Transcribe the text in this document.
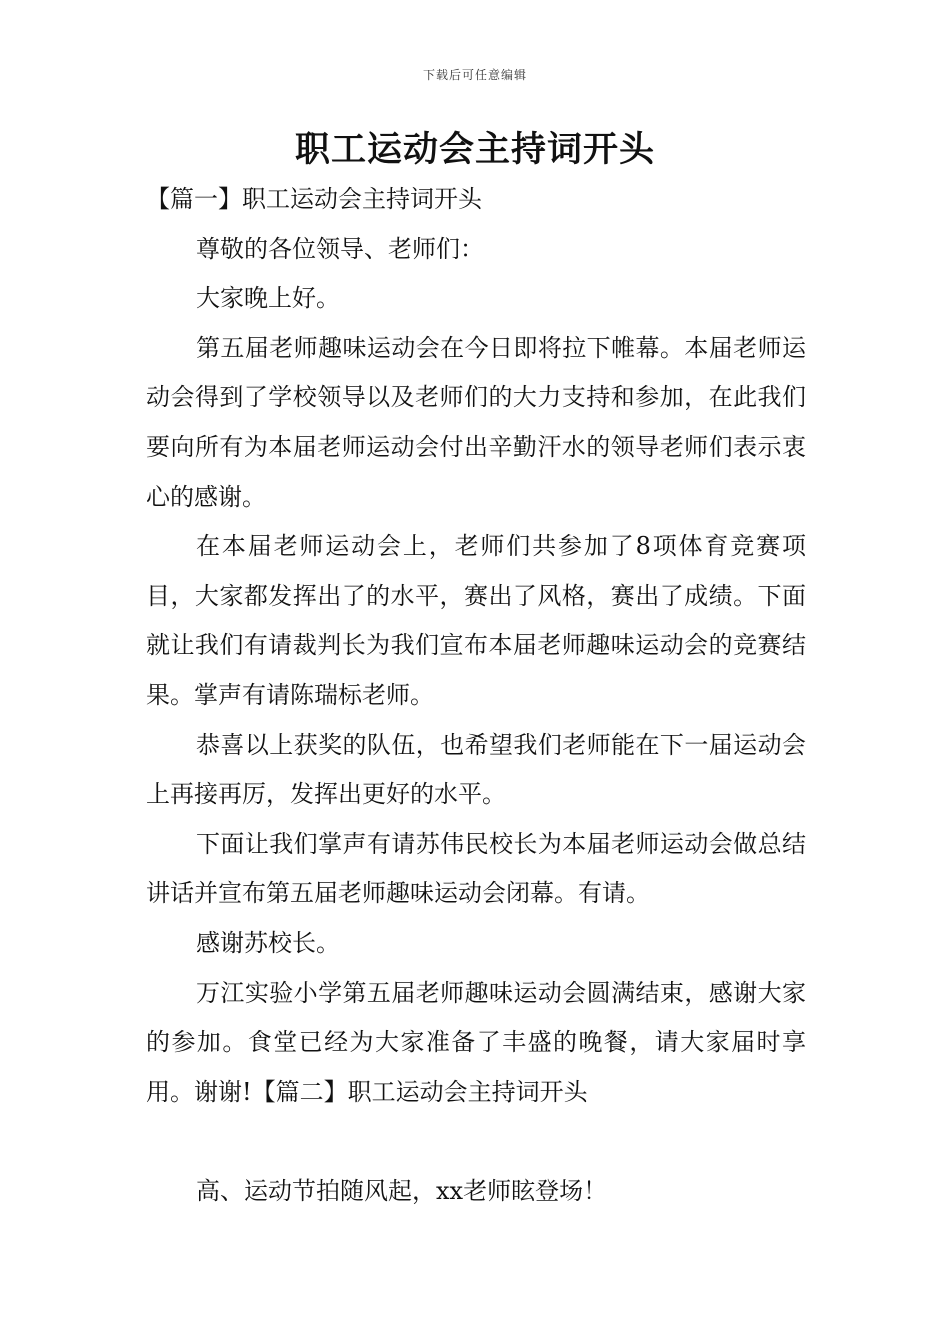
下载后可任意编辑
职工运动会主持词开头

【篇一】职工运动会主持词开头

尊敬的各位领导、老师们：

大家晚上好。

第五届老师趣味运动会在今日即将拉下帷幕。本届老师运动会得到了学校领导以及老师们的大力支持和参加，在此我们要向所有为本届老师运动会付出辛勤汗水的领导老师们表示衷心的感谢。

在本届老师运动会上，老师们共参加了8项体育竞赛项目，大家都发挥出了的水平，赛出了风格，赛出了成绩。下面就让我们有请裁判长为我们宣布本届老师趣味运动会的竞赛结果。掌声有请陈瑞标老师。

恭喜以上获奖的队伍，也希望我们老师能在下一届运动会上再接再厉，发挥出更好的水平。

下面让我们掌声有请苏伟民校长为本届老师运动会做总结讲话并宣布第五届老师趣味运动会闭幕。有请。

感谢苏校长。

万江实验小学第五届老师趣味运动会圆满结束，感谢大家的参加。食堂已经为大家准备了丰盛的晚餐，请大家届时享用。谢谢!【篇二】职工运动会主持词开头

高、运动节拍随风起，xx老师眩登场！
